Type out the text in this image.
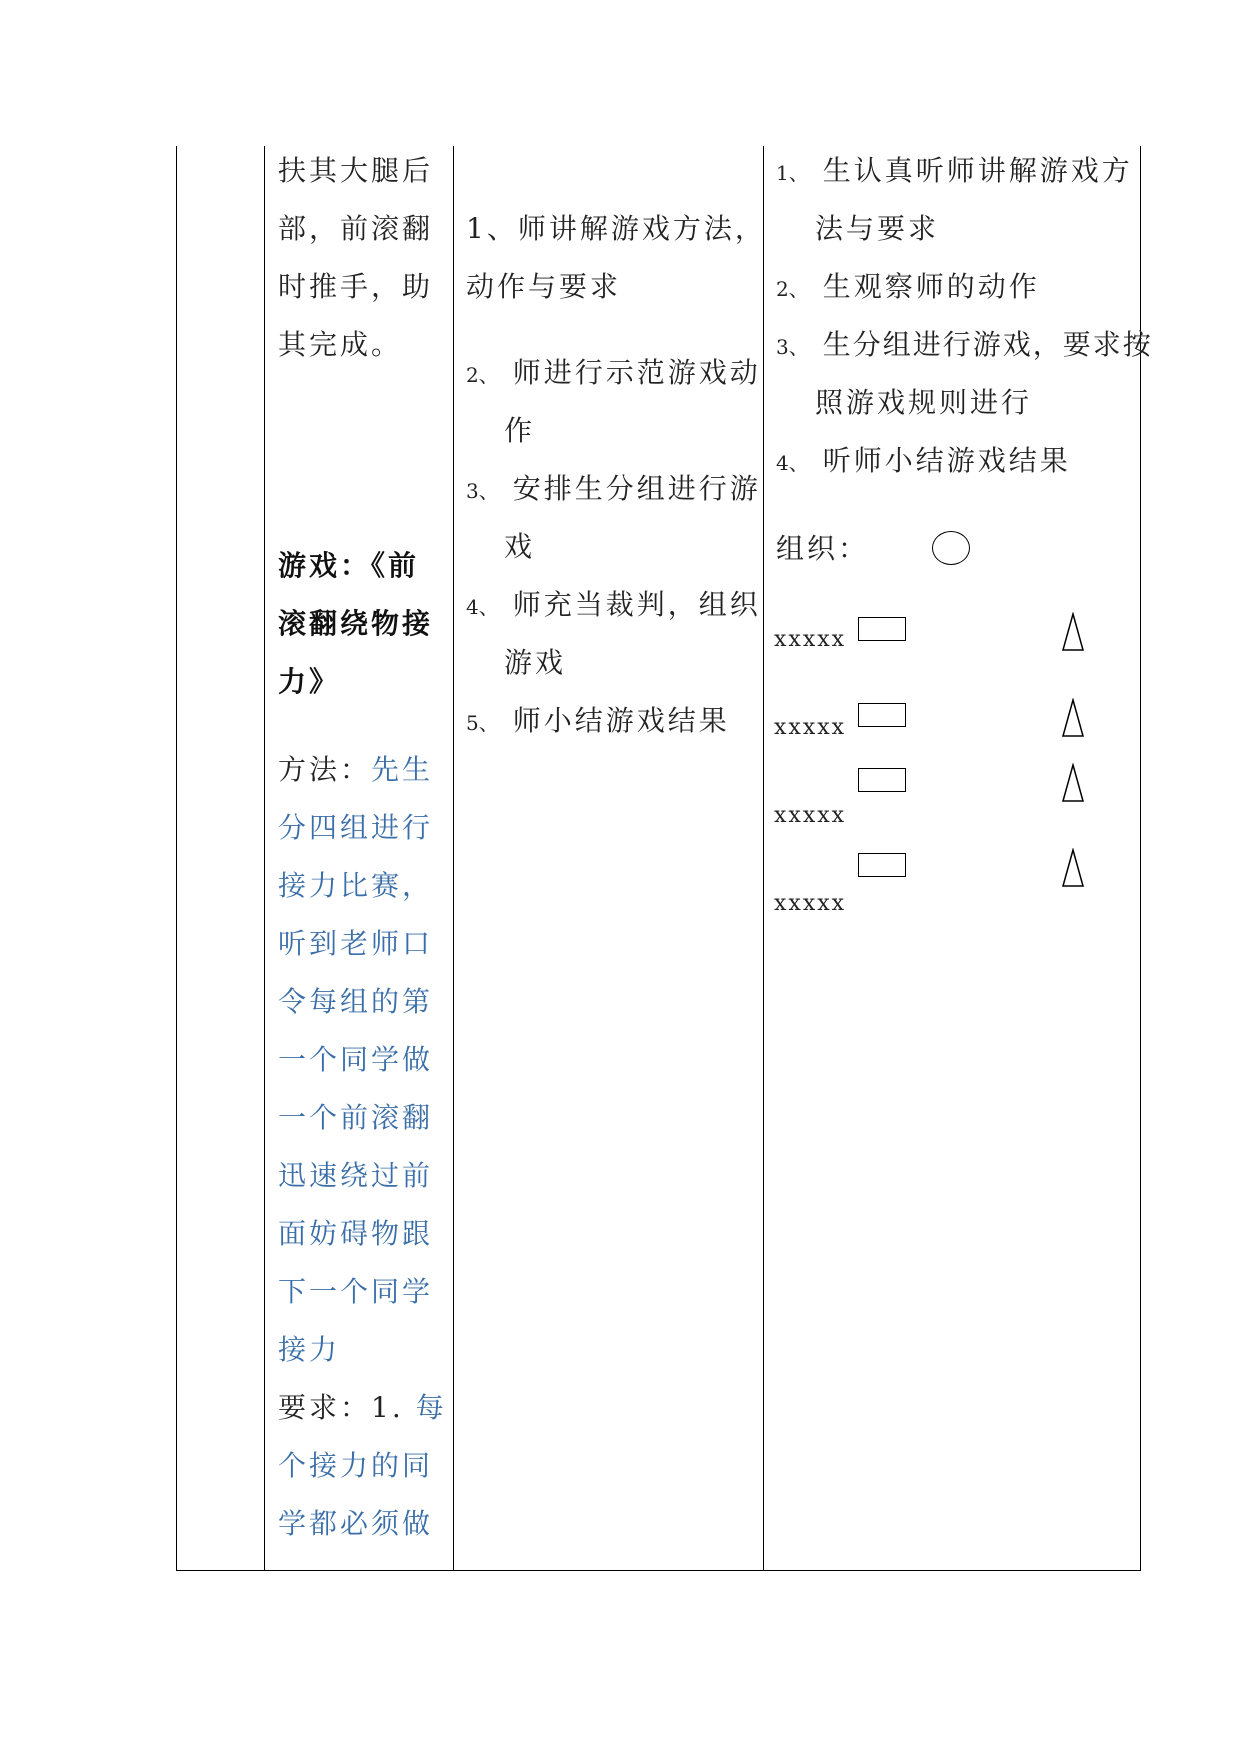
扶其大腿后
部，前滚翻
时推手，助
其完成。
游戏：《前
滚翻绕物接
力》
方法：先生
分四组进行
接力比赛，
听到老师口
令每组的第
一个同学做
一个前滚翻
迅速绕过前
面妨碍物跟
下一个同学
接力
要求：1. 每
个接力的同
学都必须做
1、师讲解游戏方法，
动作与要求
2、 师进行示范游戏动
作
3、 安排生分组进行游
戏
4、 师充当裁判，组织
游戏
5、 师小结游戏结果
1、 生认真听师讲解游戏方
法与要求
2、 生观察师的动作
3、 生分组进行游戏，要求按
照游戏规则进行
4、 听师小结游戏结果
组织：
xxxxx
xxxxx
xxxxx
xxxxx
